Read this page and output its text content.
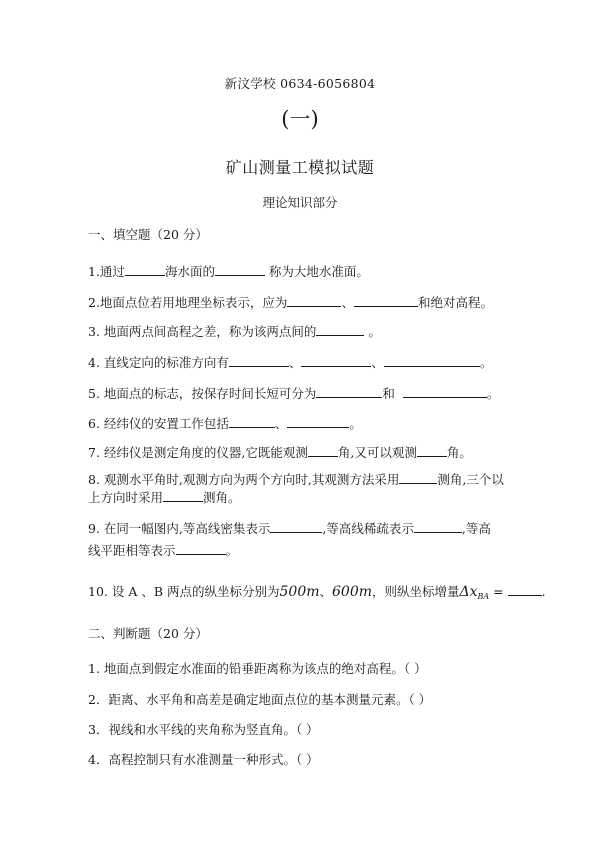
新汶学校 0634-6056804
(一)
矿山测量工模拟试题
理论知识部分
一、填空题（20 分）
1.通过	海水面的	称为大地水准面。
2.地面点位若用地理坐标表示，应为	、	和绝对高程。
3. 地面两点间高程之差，称为该两点间的	。
4. 直线定向的标准方向有	、	、	。
5. 地面点的标志，按保存时间长短可分为	和	。
6. 经纬仪的安置工作包括	、	。
7. 经纬仪是测定角度的仪器,它既能观测 角,又可以观测 角。
8. 观测水平角时,观测方向为两个方向时,其观测方法采用	测角,三个以
上方向时采用	测角。
9. 在同一幅图内,等高线密集表示	,等高线稀疏表示	,等高
线平距相等表示	。
10. 设 A 、B 两点的纵坐标分别为500m、600m，则纵坐标增量$\Delta x_{BA}$ =	.
二、判断题（20 分）
1. 地面点到假定水准面的铅垂距离称为该点的绝对高程。（ ）
2．距离、水平角和高差是确定地面点位的基本测量元素。（ ）
3．视线和水平线的夹角称为竖直角。（ ）
4．高程控制只有水准测量一种形式。（ ）
